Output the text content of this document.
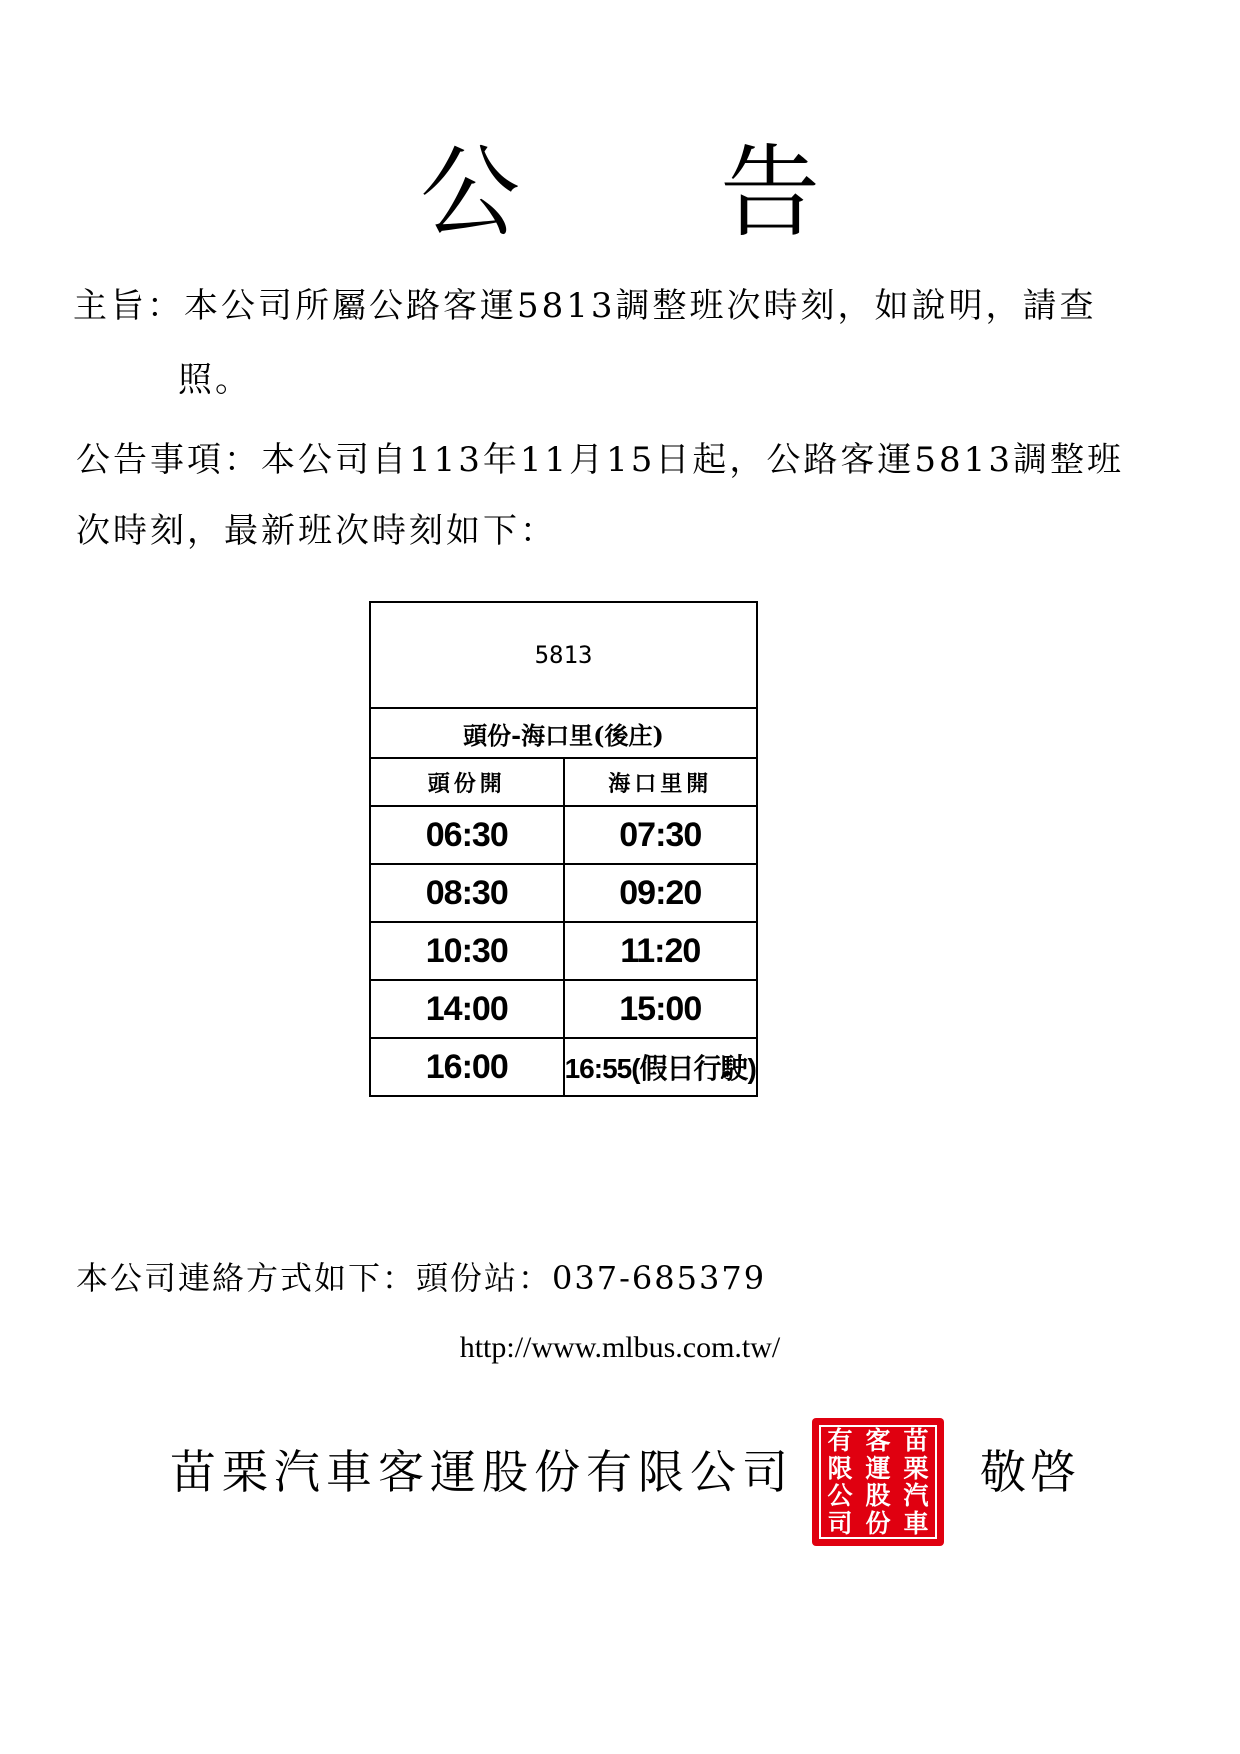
公 告
主旨：本公司所屬公路客運5813調整班次時刻，如說明，請查
照。
公告事項：本公司自113年11月15日起，公路客運5813調整班
次時刻，最新班次時刻如下：
5813	
頭份-海口里(後庄)	
頭份開	海口里開
06:30	07:30
08:30	09:20
10:30	11:20
14:00	15:00
16:00	16:55(假日行駛)
本公司連絡方式如下：頭份站：037-685379
http://www.mlbus.com.tw/
苗栗汽車客運股份有限公司
有 客 苗
限 運 栗
公 股 汽
司 份 車
敬啓
